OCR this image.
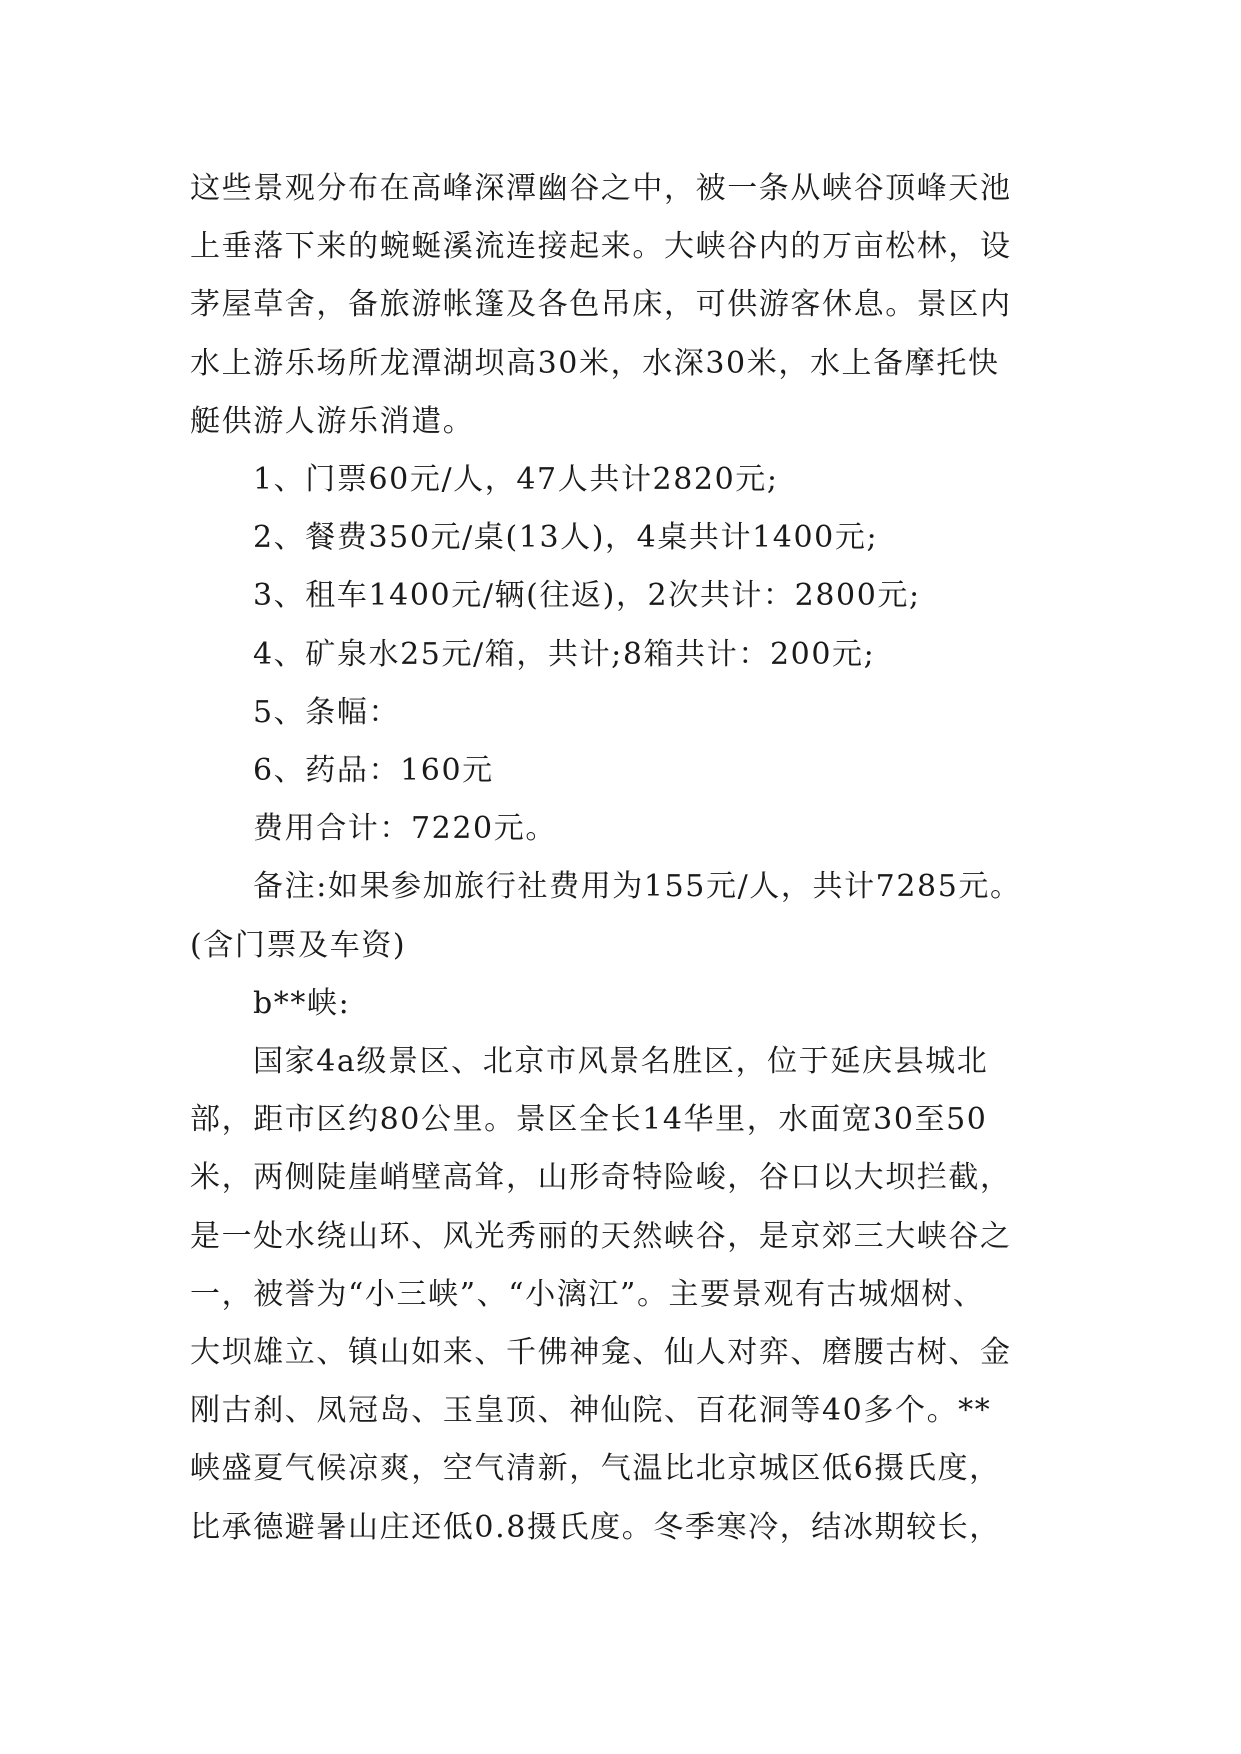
这些景观分布在高峰深潭幽谷之中，被一条从峡谷顶峰天池
上垂落下来的蜿蜒溪流连接起来。大峡谷内的万亩松林，设
茅屋草舍，备旅游帐篷及各色吊床，可供游客休息。景区内
水上游乐场所龙潭湖坝高30米，水深30米，水上备摩托快
艇供游人游乐消遣。
1、门票60元/人，47人共计2820元;
2、餐费350元/桌(13人)，4桌共计1400元;
3、租车1400元/辆(往返)，2次共计：2800元;
4、矿泉水25元/箱，共计;8箱共计：200元;
5、条幅：
6、药品：160元
费用合计：7220元。
备注:如果参加旅行社费用为155元/人，共计7285元。
(含门票及车资)
b**峡:
国家4a级景区、北京市风景名胜区，位于延庆县城北
部，距市区约80公里。景区全长14华里，水面宽30至50
米，两侧陡崖峭壁高耸，山形奇特险峻，谷口以大坝拦截，
是一处水绕山环、风光秀丽的天然峡谷，是京郊三大峡谷之
一，被誉为“小三峡”、“小漓江”。主要景观有古城烟树、
大坝雄立、镇山如来、千佛神龛、仙人对弈、磨腰古树、金
刚古刹、凤冠岛、玉皇顶、神仙院、百花洞等40多个。**
峡盛夏气候凉爽，空气清新，气温比北京城区低6摄氏度，
比承德避暑山庄还低0.8摄氏度。冬季寒冷，结冰期较长，
